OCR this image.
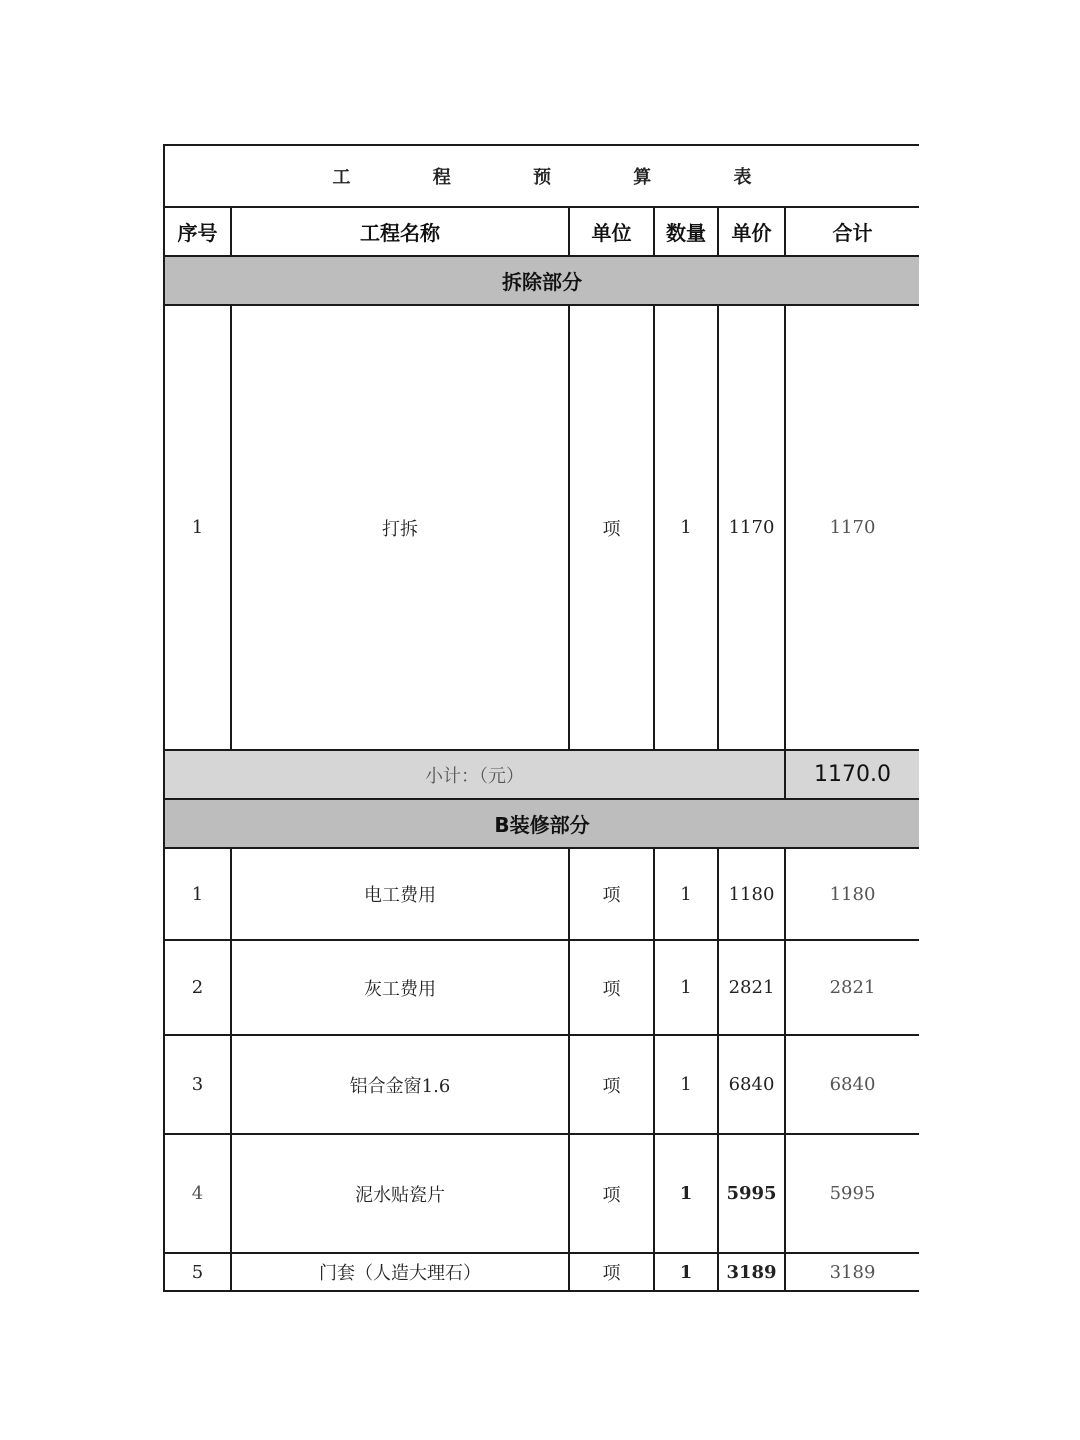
工 程 预 算 表					
序号	工程名称	单位	数量	单价	合计
拆除部分					
1	打拆	项	1	1170	1170
小计：（元）					1170.0
B装修部分					
1	电工费用	项	1	1180	1180
2	灰工费用	项	1	2821	2821
3	铝合金窗1.6	项	1	6840	6840
4	泥水贴瓷片	项	1	5995	5995
5	门套（人造大理石）	项	1	3189	3189
